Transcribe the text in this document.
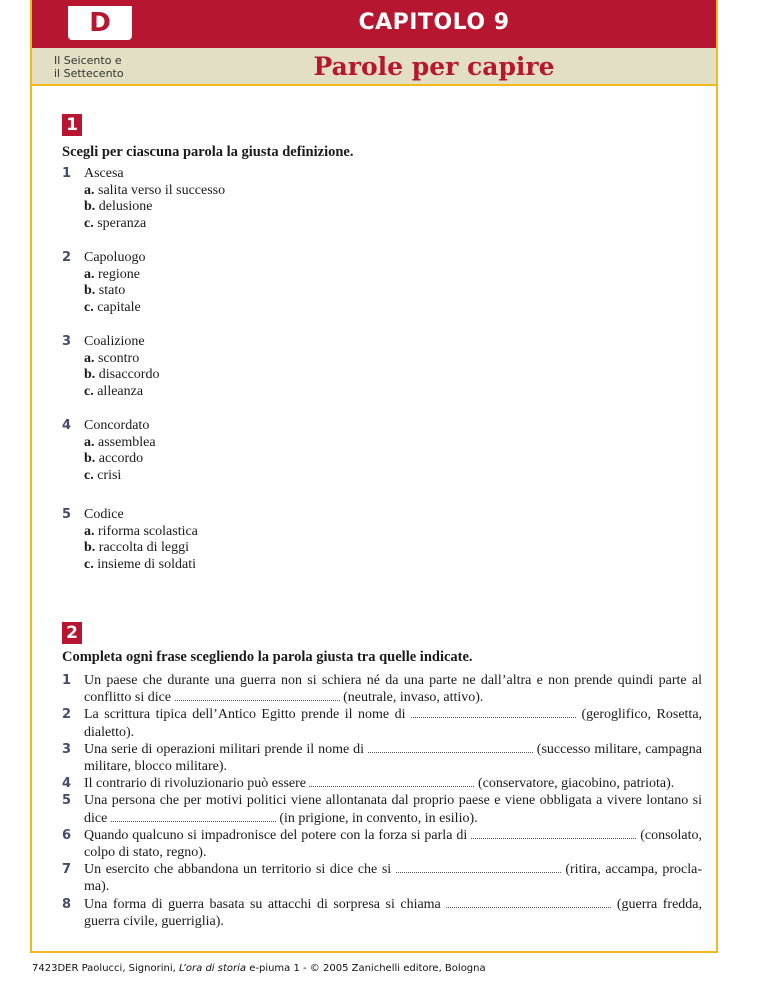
D	CAPITOLO 9
Il Seicento e
il Settecento	Parole per capire
1
Scegli per ciascuna parola la giusta definizione.
1 Ascesa
a. salita verso il successo
b. delusione
c. speranza
2 Capoluogo
a. regione
b. stato
c. capitale
3 Coalizione
a. scontro
b. disaccordo
c. alleanza
4 Concordato
a. assemblea
b. accordo
c. crisi
5 Codice
a. riforma scolastica
b. raccolta di leggi
c. insieme di soldati
2
Completa ogni frase scegliendo la parola giusta tra quelle indicate.
1 Un paese che durante una guerra non si schiera né da una parte ne dall’altra e non prende quindi parte al conflitto si dice	(neutrale, invaso, attivo).
2 La scrittura tipica dell’Antico Egitto prende il nome di	(geroglifico, Rosetta, dialetto).
3 Una serie di operazioni militari prende il nome di	(successo militare, campagna militare, blocco militare).
4 Il contrario di rivoluzionario può essere	(conservatore, giacobino, patriota).
5 Una persona che per motivi politici viene allontanata dal proprio paese e viene obbligata a vivere lontano si dice	(in prigione, in convento, in esilio).
6 Quando qualcuno si impadronisce del potere con la forza si parla di	(consolato, colpo di stato, regno).
7 Un esercito che abbandona un territorio si dice che si	(ritira, accampa, proclama).
8 Una forma di guerra basata su attacchi di sorpresa si chiama	(guerra fredda, guerra civile, guerriglia).
7423DER Paolucci, Signorini, L’ora di storia e-piuma 1 - © 2005 Zanichelli editore, Bologna
